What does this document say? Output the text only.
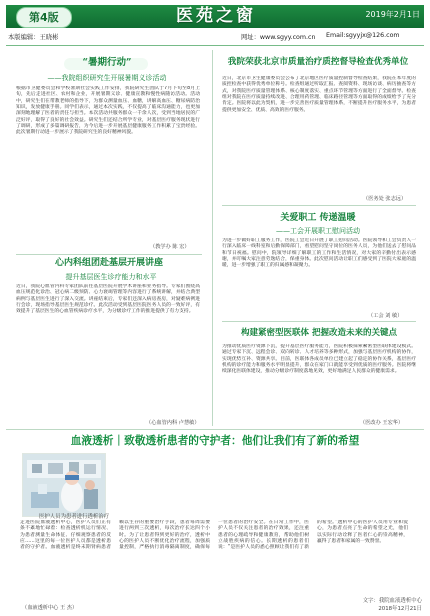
第4版	医苑之窗	2019年2月1日
本版编辑：王晓彬	网址：www.sgyy.com.cn Email:sgyyjx@126.com
“暑期行动”
——我院组织研究生开展暑期义诊活动
根据市卫健委员会和学校暑期社会实践工作安排，我院研究生团队于7月下旬至8月上旬，先后走进社区、农村和企业，开展暑期义诊、健康宣教和慢性病随访活动。活动中，研究生们在带教老师的指导下，为群众测量血压、血糖，讲解高血压、糖尿病防治知识，发放健康手册。同学们表示，通过本次实践，不仅提高了临床沟通能力，也更加深刻地理解了医者的责任与担当。本次活动共服务群众一千余人次，受到当地居民的广泛好评，取得了良好的社会效益。研究生们还结合所学专业，对基层医疗服务现状进行了调研，形成了多篇调研报告，为今后进一步开展基层健康服务工作积累了宝贵经验。此次暑期行动进一步展示了我院研究生的良好精神风貌。
（教学办 陈 宏）
心内科组团赴基层开展讲座
提升基层医生诊疗能力和水平
近日，我院心血管内科专家团队前往基层医院开展学术讲座和业务指导。专家们围绕高血压规范化诊治、冠心病二级预防、心力衰竭管理等内容进行了系统讲解，并结合典型病例与基层医生进行了深入交流。讲座结束后，专家们还深入病房查房，对疑难病例进行会诊，现场指导基层医生规范诊疗。此次活动受到基层医院医务人员的一致好评，有效提升了基层医生的心血管疾病诊疗水平，为分级诊疗工作的推进提供了有力支持。
（心血管内科 卢慧敏）
我院荣获北京市质量治疗质控督导检查优秀单位
近日，北京市卫生健康委员会公布了北京地区医疗质量控制督导检查结果，我院在本年度的质控检查中获得优秀单位称号。检查组通过听取汇报、查阅资料、现场访谈、病历抽查等方式，对我院医疗质量管理体系、核心制度落实、重点环节管理等方面进行了全面督导。检查组对我院在医疗质量持续改进、合理用药管理、临床路径管理等方面取得的成绩给予了充分肯定。医院将以此为契机，进一步完善医疗质量管理体系，不断提升医疗服务水平，为患者提供更加安全、优质、高效的医疗服务。
（医务处 张志远）
关爱职工 传递温暖
——工会开展职工慰问活动
为进一步做好职工服务工作，医院工会近日开展了职工慰问活动。医院领导和工会负责人一行深入临床一线科室和后勤保障部门，看望慰问坚守岗位的医务人员，为他们送去了慰问品和节日祝福。慰问中，院领导详细了解职工的工作和生活情况，对大家的辛勤付出表示感谢，并叮嘱大家注意劳逸结合，保重身体。此次慰问活动让职工们感受到了医院大家庭的温暖，进一步增强了职工的归属感和凝聚力。
（工会 刘 敏）
构建紧密型医联体 把握改造未来的关键点
为推动优质医疗资源下沉，提升基层医疗服务能力，医院积极探索紧密型医联体建设模式。通过专家下沉、远程会诊、双向转诊、人才培养等多种形式，加强与基层医疗机构的协作，实现优势互补、资源共享。目前，医联体各成员单位已建立起了稳定的协作关系，基层医疗机构的诊疗能力和服务水平明显提升，群众在家门口就能享受到优质的医疗服务。医院将继续深化医联体建设，推动分级诊疗制度落地见效，更好地满足人民群众的健康需求。
（医改办 王宏华）
血液透析｜致敬透析患者的守护者：他们让我们有了新的希望
医护人员为患者进行透析治疗
走进医院血液透析中心，医护人员们正有条不紊地忙碌着：检查透析机运行情况、为患者测量生命体征、仔细观察患者的反应……这里的每一位医护人员都是透析患者的守护者。血液透析是终末期肾病患者赖以生存的重要治疗手段，患者每周需要进行两到三次透析，每次治疗长达四个小时。为了让患者得到更好的治疗，透析中心的医护人员不断优化治疗流程，加强质量控制，严格执行消毒隔离制度，确保每一位患者的治疗安全。在日常工作中，医护人员不仅关注患者的治疗效果，还注重患者的心理疏导和健康教育，帮助他们树立战胜疾病的信心。长期透析的患者们说：“是医护人员的悉心照顾让我们有了新的希望。”透析中心的医护人员用专业和爱心，为患者点亮了生命的希望之光，他们以实际行动诠释了医者仁心的崇高精神，赢得了患者和家属的一致赞誉。
（血液透析中心 王 杰）
文字：我院血液透析中心
2018年12月21日
